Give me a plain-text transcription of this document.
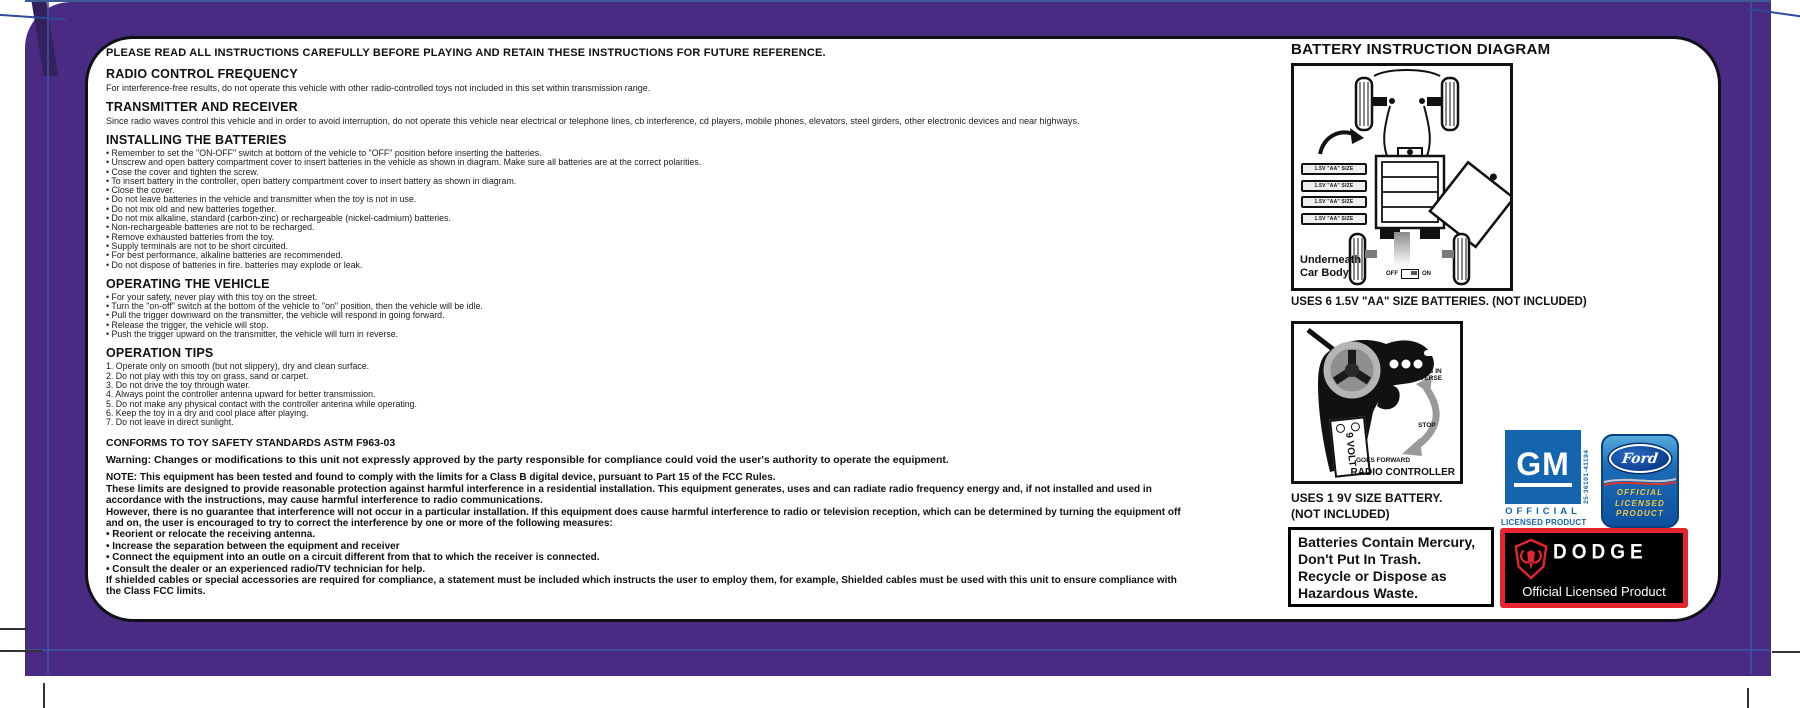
PLEASE READ ALL INSTRUCTIONS CAREFULLY BEFORE PLAYING AND RETAIN THESE INSTRUCTIONS FOR FUTURE REFERENCE.
RADIO CONTROL FREQUENCY
For interference-free results, do not operate this vehicle with other radio-controlled toys not included in this set within transmission range.
TRANSMITTER AND RECEIVER
Since radio waves control this vehicle and in order to avoid interruption, do not operate this vehicle near electrical or telephone lines, cb interference, cd players, mobile phones, elevators, steel girders, other electronic devices and near highways.
INSTALLING THE BATTERIES
• Remember to set the "ON-OFF" switch at bottom of the vehicle to "OFF" position before inserting the batteries.
• Unscrew and open battery compartment cover to insert batteries in the vehicle as shown in diagram. Make sure all batteries are at the correct polarities.
• Cose the cover and tighten the screw.
• To insert battery in the controller, open battery compartment cover to insert battery as shown in diagram.
• Close the cover.
• Do not leave batteries in the vehicle and transmitter when the toy is not in use.
• Do not mix old and new batteries together.
• Do not mix alkaline, standard (carbon-zinc) or rechargeable (nickel-cadmium) batteries.
• Non-rechargeable batteries are not to be recharged.
• Remove exhausted batteries from the toy.
• Supply terminals are not to be short circuited.
• For best performance, alkaline batteries are recommended.
• Do not dispose of batteries in fire. batteries may explode or leak.
OPERATING THE VEHICLE
• For your safety, never play with this toy on the street.
• Turn the "on-off" switch at the bottom of the vehicle to "on" position, then the vehicle will be idle.
• Pull the trigger downward on the transmitter, the vehicle will respond in going forward.
• Release the trigger, the vehicle will stop.
• Push the trigger upward on the transmitter, the vehicle will turn in reverse.
OPERATION TIPS
1. Operate only on smooth (but not slippery), dry and clean surface.
2. Do not play with this toy on grass, sand or carpet.
3. Do not drive the toy through water.
4. Always point the controller antenna upward for better transmission.
5. Do not make any physical contact with the controller antenna while operating.
6. Keep the toy in a dry and cool place after playing.
7. Do not leave in direct sunlight.
CONFORMS TO TOY SAFETY STANDARDS ASTM F963-03
Warning: Changes or modifications to this unit not expressly approved by the party responsible for compliance could void the user's authority to operate the equipment.
NOTE: This equipment has been tested and found to comply with the limits for a Class B digital device, pursuant to Part 15 of the FCC Rules.
These limits are designed to provide reasonable protection against harmful interference in a residential installation. This equipment generates, uses and can radiate radio frequency energy and, if not installed and used in
accordance with the instructions, may cause harmful interference to radio communications.
However, there is no guarantee that interference will not occur in a particular installation. If this equipment does cause harmful interference to radio or television reception, which can be determined by turning the equipment off
and on, the user is encouraged to try to correct the interference by one or more of the following measures:
• Reorient or relocate the receiving antenna.
• Increase the separation between the equipment and receiver
• Connect the equipment into an outle on a circuit different from that to which the receiver is connected.
• Consult the dealer or an experienced radio/TV technician for help.
If shielded cables or special accessories are required for compliance, a statement must be included which instructs the user to employ them, for example, Shielded cables must be used with this unit to ensure compliance with
the Class FCC limits.
BATTERY INSTRUCTION DIAGRAM
1.5V "AA" SIZE
1.5V "AA" SIZE
1.5V "AA" SIZE
1.5V "AA" SIZE
Underneath Car Body	OFF	ON
USES 6 1.5V "AA" SIZE BATTERIES. (NOT INCLUDED)
9 VOLT
TURNS IN REVERSE
STOP
GOES FORWARD
RADIO CONTROLLER
USES 1 9V SIZE BATTERY.
(NOT INCLUDED)
Batteries Contain Mercury,
Don't Put In Trash.
Recycle or Dispose as
Hazardous Waste.
GM	25-36101-41194
OFFICIAL
LICENSED PRODUCT
Ford
OFFICIAL
LICENSED
PRODUCT
DODGE
Official Licensed Product
